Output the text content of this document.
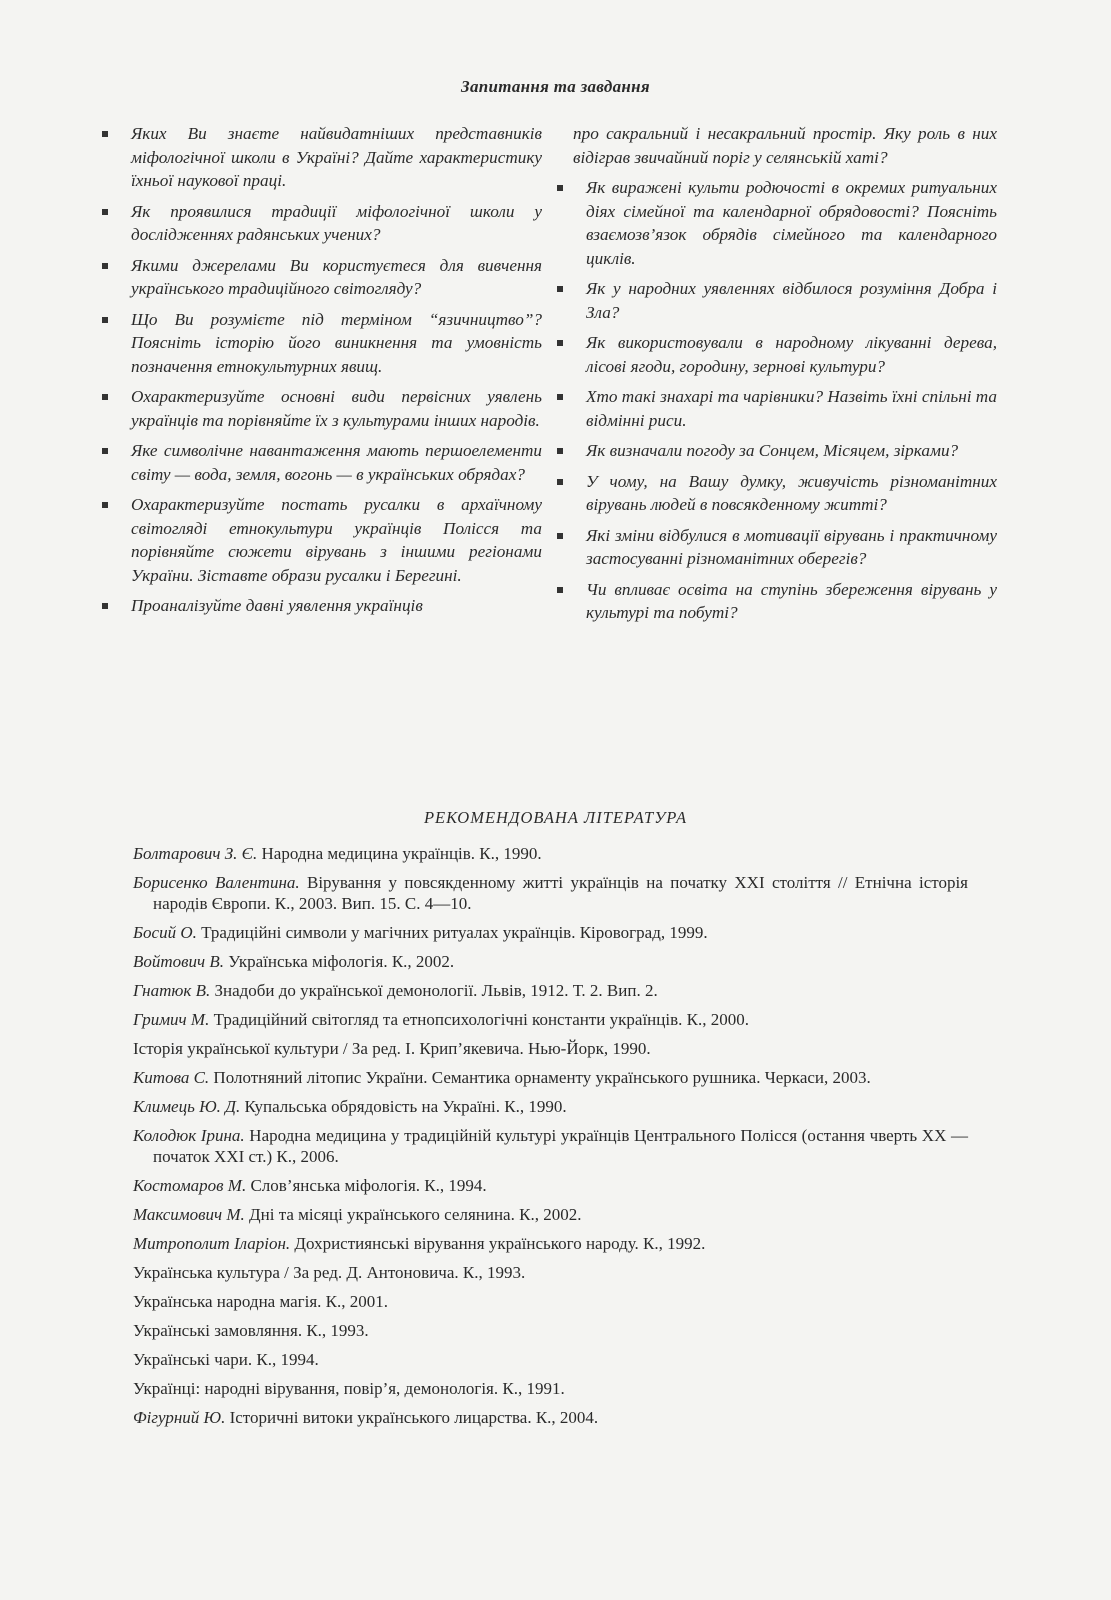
Запитання та завдання
Яких Ви знаєте найвидатніших представників міфологічної школи в Україні? Дайте характеристику їхньої наукової праці.
Як проявилися традиції міфологічної школи у дослідженнях радянських учених?
Якими джерелами Ви користуєтеся для вивчення українського традиційного світогляду?
Що Ви розумієте під терміном “язичництво”? Поясніть історію його виникнення та умовність позначення етнокультурних явищ.
Охарактеризуйте основні види первісних уявлень українців та порівняйте їх з культурами інших народів.
Яке символічне навантаження мають першоелементи світу — вода, земля, вогонь — в українських обрядах?
Охарактеризуйте постать русалки в архаїчному світогляді етнокультури українців Полісся та порівняйте сюжети вірувань з іншими регіонами України. Зіставте образи русалки і Берегині.
Проаналізуйте давні уявлення українців
про сакральний і несакральний простір. Яку роль в них відіграв звичайний поріг у селянській хаті?
Як виражені культи родючості в окремих ритуальних діях сімейної та календарної обрядовості? Поясніть взаємозв’язок обрядів сімейного та календарного циклів.
Як у народних уявленнях відбилося розуміння Добра і Зла?
Як використовували в народному лікуванні дерева, лісові ягоди, городину, зернові культури?
Хто такі знахарі та чарівники? Назвіть їхні спільні та відмінні риси.
Як визначали погоду за Сонцем, Місяцем, зірками?
У чому, на Вашу думку, живучість різноманітних вірувань людей в повсякденному житті?
Які зміни відбулися в мотивації вірувань і практичному застосуванні різноманітних оберегів?
Чи впливає освіта на ступінь збереження вірувань у культурі та побуті?
РЕКОМЕНДОВАНА ЛІТЕРАТУРА
Болтарович З. Є. Народна медицина українців. К., 1990.
Борисенко Валентина. Вірування у повсякденному житті українців на початку XXI століття // Етнічна історія народів Європи. К., 2003. Вип. 15. С. 4—10.
Босий О. Традиційні символи у магічних ритуалах українців. Кіровоград, 1999.
Войтович В. Українська міфологія. К., 2002.
Гнатюк В. Знадоби до української демонології. Львів, 1912. Т. 2. Вип. 2.
Гримич М. Традиційний світогляд та етнопсихологічні константи українців. К., 2000.
Історія української культури / За ред. І. Крип’якевича. Нью-Йорк, 1990.
Китова С. Полотняний літопис України. Семантика орнаменту українського рушника. Черкаси, 2003.
Климець Ю. Д. Купальська обрядовість на Україні. К., 1990.
Колодюк Ірина. Народна медицина у традиційній культурі українців Центрального Полісся (остання чверть XX — початок XXI ст.) К., 2006.
Костомаров М. Слов’янська міфологія. К., 1994.
Максимович М. Дні та місяці українського селянина. К., 2002.
Митрополит Іларіон. Дохристиянські вірування українського народу. К., 1992.
Українська культура / За ред. Д. Антоновича. К., 1993.
Українська народна магія. К., 2001.
Українські замовляння. К., 1993.
Українські чари. К., 1994.
Українці: народні вірування, повір’я, демонологія. К., 1991.
Фігурний Ю. Історичні витоки українського лицарства. К., 2004.
